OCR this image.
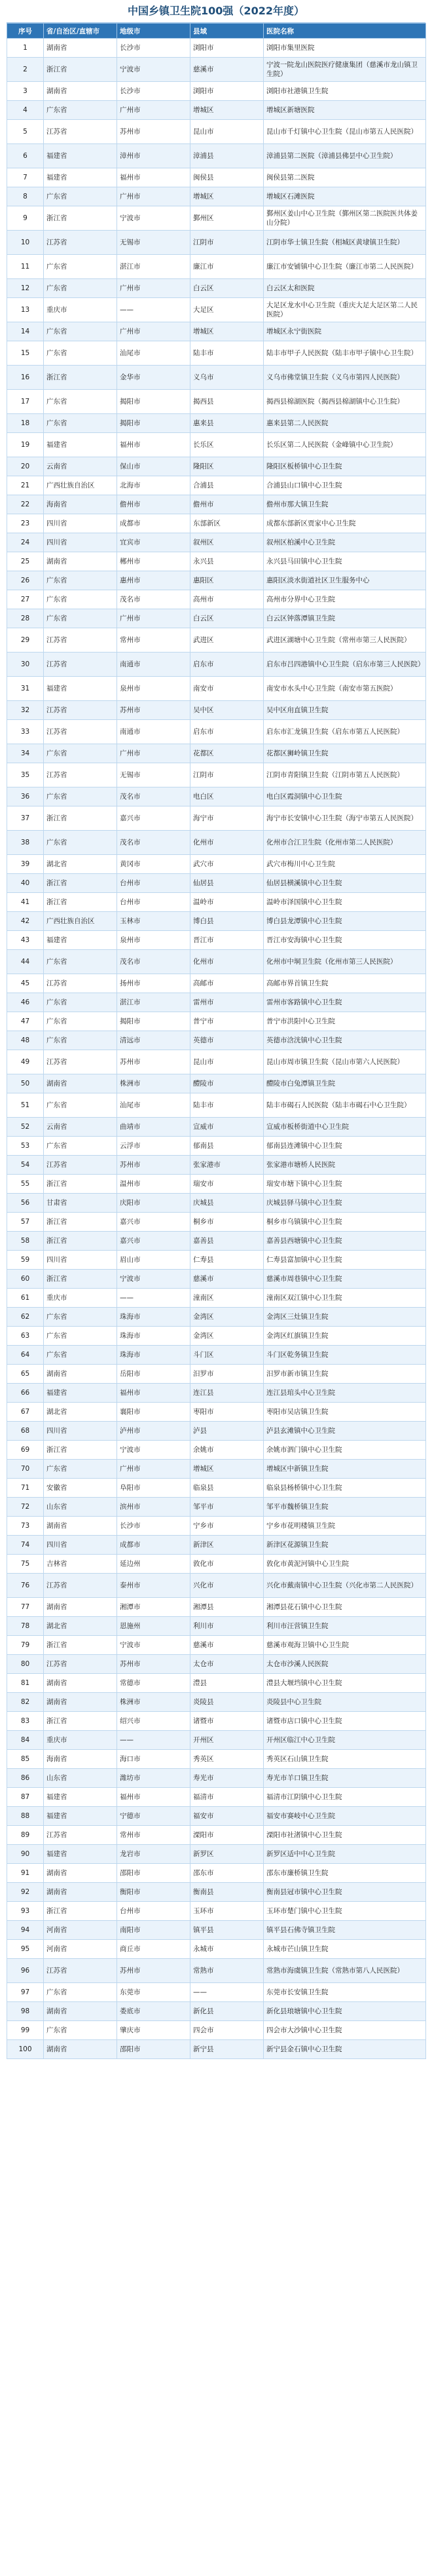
中国乡镇卫生院100强（2022年度）
序号	省/自治区/直辖市	地级市	县域	医院名称
1	湖南省	长沙市	浏阳市	浏阳市集里医院
2	浙江省	宁波市	慈溪市	宁波一院龙山医院医疗健康集团（慈溪市龙山镇卫生院）
3	湖南省	长沙市	浏阳市	浏阳市社港镇卫生院
4	广东省	广州市	增城区	增城区新塘医院
5	江苏省	苏州市	昆山市	昆山市千灯镇中心卫生院（昆山市第五人民医院）
6	福建省	漳州市	漳浦县	漳浦县第二医院（漳浦县佛昙中心卫生院）
7	福建省	福州市	闽侯县	闽侯县第二医院
8	广东省	广州市	增城区	增城区石滩医院
9	浙江省	宁波市	鄞州区	鄞州区姜山中心卫生院（鄞州区第二医院医共体姜山分院）
10	江苏省	无锡市	江阴市	江阴市华士镇卫生院（相城区黄埭镇卫生院）
11	广东省	湛江市	廉江市	廉江市安铺镇中心卫生院（廉江市第二人民医院）
12	广东省	广州市	白云区	白云区太和医院
13	重庆市	——	大足区	大足区龙水中心卫生院（重庆大足大足区第二人民医院）
14	广东省	广州市	增城区	增城区永宁街医院
15	广东省	汕尾市	陆丰市	陆丰市甲子人民医院（陆丰市甲子镇中心卫生院）
16	浙江省	金华市	义乌市	义乌市佛堂镇卫生院（义乌市第四人民医院）
17	广东省	揭阳市	揭西县	揭西县棉湖医院（揭西县棉湖镇中心卫生院）
18	广东省	揭阳市	惠来县	惠来县第二人民医院
19	福建省	福州市	长乐区	长乐区第二人民医院（金峰镇中心卫生院）
20	云南省	保山市	隆阳区	隆阳区板桥镇中心卫生院
21	广西壮族自治区	北海市	合浦县	合浦县山口镇中心卫生院
22	海南省	儋州市	儋州市	儋州市那大镇卫生院
23	四川省	成都市	东部新区	成都东部新区贾家中心卫生院
24	四川省	宜宾市	叙州区	叙州区柏溪中心卫生院
25	湖南省	郴州市	永兴县	永兴县马田镇中心卫生院
26	广东省	惠州市	惠阳区	惠阳区淡水街道社区卫生服务中心
27	广东省	茂名市	高州市	高州市分界中心卫生院
28	广东省	广州市	白云区	白云区钟落潭镇卫生院
29	江苏省	常州市	武进区	武进区湖塘中心卫生院（常州市第三人民医院）
30	江苏省	南通市	启东市	启东市吕四港镇中心卫生院（启东市第三人民医院）
31	福建省	泉州市	南安市	南安市水头中心卫生院（南安市第五医院）
32	江苏省	苏州市	吴中区	吴中区甪直镇卫生院
33	江苏省	南通市	启东市	启东市汇龙镇卫生院（启东市第五人民医院）
34	广东省	广州市	花都区	花都区狮岭镇卫生院
35	江苏省	无锡市	江阴市	江阴市青阳镇卫生院（江阴市第五人民医院）
36	广东省	茂名市	电白区	电白区霞洞镇中心卫生院
37	浙江省	嘉兴市	海宁市	海宁市长安镇中心卫生院（海宁市第五人民医院）
38	广东省	茂名市	化州市	化州市合江卫生院（化州市第二人民医院）
39	湖北省	黄冈市	武穴市	武穴市梅川中心卫生院
40	浙江省	台州市	仙居县	仙居县横溪镇中心卫生院
41	浙江省	台州市	温岭市	温岭市泽国镇中心卫生院
42	广西壮族自治区	玉林市	博白县	博白县龙潭镇中心卫生院
43	福建省	泉州市	晋江市	晋江市安海镇中心卫生院
44	广东省	茂名市	化州市	化州市中垌卫生院（化州市第三人民医院）
45	江苏省	扬州市	高邮市	高邮市界首镇卫生院
46	广东省	湛江市	雷州市	雷州市客路镇中心卫生院
47	广东省	揭阳市	普宁市	普宁市洪阳中心卫生院
48	广东省	清远市	英德市	英德市浛洸镇中心卫生院
49	江苏省	苏州市	昆山市	昆山市周市镇卫生院（昆山市第六人民医院）
50	湖南省	株洲市	醴陵市	醴陵市白兔潭镇卫生院
51	广东省	汕尾市	陆丰市	陆丰市碣石人民医院（陆丰市碣石中心卫生院）
52	云南省	曲靖市	宣威市	宣威市板桥街道中心卫生院
53	广东省	云浮市	郁南县	郁南县连滩镇中心卫生院
54	江苏省	苏州市	张家港市	张家港市塘桥人民医院
55	浙江省	温州市	瑞安市	瑞安市塘下镇中心卫生院
56	甘肃省	庆阳市	庆城县	庆城县驿马镇中心卫生院
57	浙江省	嘉兴市	桐乡市	桐乡市乌镇镇中心卫生院
58	浙江省	嘉兴市	嘉善县	嘉善县西塘镇中心卫生院
59	四川省	眉山市	仁寿县	仁寿县富加镇中心卫生院
60	浙江省	宁波市	慈溪市	慈溪市周巷镇中心卫生院
61	重庆市	——	潼南区	潼南区双江镇中心卫生院
62	广东省	珠海市	金湾区	金湾区三灶镇卫生院
63	广东省	珠海市	金湾区	金湾区红旗镇卫生院
64	广东省	珠海市	斗门区	斗门区乾务镇卫生院
65	湖南省	岳阳市	汨罗市	汨罗市新市镇卫生院
66	福建省	福州市	连江县	连江县琯头中心卫生院
67	湖北省	襄阳市	枣阳市	枣阳市吴店镇卫生院
68	四川省	泸州市	泸县	泸县玄滩镇中心卫生院
69	浙江省	宁波市	余姚市	余姚市泗门镇中心卫生院
70	广东省	广州市	增城区	增城区中新镇卫生院
71	安徽省	阜阳市	临泉县	临泉县杨桥镇中心卫生院
72	山东省	滨州市	邹平市	邹平市魏桥镇卫生院
73	湖南省	长沙市	宁乡市	宁乡市花明楼镇卫生院
74	四川省	成都市	新津区	新津区花源镇卫生院
75	吉林省	延边州	敦化市	敦化市黄泥河镇中心卫生院
76	江苏省	泰州市	兴化市	兴化市戴南镇中心卫生院（兴化市第二人民医院）
77	湖南省	湘潭市	湘潭县	湘潭县花石镇中心卫生院
78	湖北省	恩施州	利川市	利川市汪营镇卫生院
79	浙江省	宁波市	慈溪市	慈溪市观海卫镇中心卫生院
80	江苏省	苏州市	太仓市	太仓市沙溪人民医院
81	湖南省	常德市	澧县	澧县大堰垱镇中心卫生院
82	湖南省	株洲市	炎陵县	炎陵县中心卫生院
83	浙江省	绍兴市	诸暨市	诸暨市店口镇中心卫生院
84	重庆市	——	开州区	开州区临江中心卫生院
85	海南省	海口市	秀英区	秀英区石山镇卫生院
86	山东省	潍坊市	寿光市	寿光市羊口镇卫生院
87	福建省	福州市	福清市	福清市江阴镇中心卫生院
88	福建省	宁德市	福安市	福安市赛岐中心卫生院
89	江苏省	常州市	溧阳市	溧阳市社渚镇中心卫生院
90	福建省	龙岩市	新罗区	新罗区适中中心卫生院
91	湖南省	邵阳市	邵东市	邵东市廉桥镇卫生院
92	湖南省	衡阳市	衡南县	衡南县冠市镇中心卫生院
93	浙江省	台州市	玉环市	玉环市楚门镇中心卫生院
94	河南省	南阳市	镇平县	镇平县石佛寺镇卫生院
95	河南省	商丘市	永城市	永城市芒山镇卫生院
96	江苏省	苏州市	常熟市	常熟市海虞镇卫生院（常熟市第八人民医院）
97	广东省	东莞市	——	东莞市长安镇卫生院
98	湖南省	娄底市	新化县	新化县琅塘镇中心卫生院
99	广东省	肇庆市	四会市	四会市大沙镇中心卫生院
100	湖南省	邵阳市	新宁县	新宁县金石镇中心卫生院
